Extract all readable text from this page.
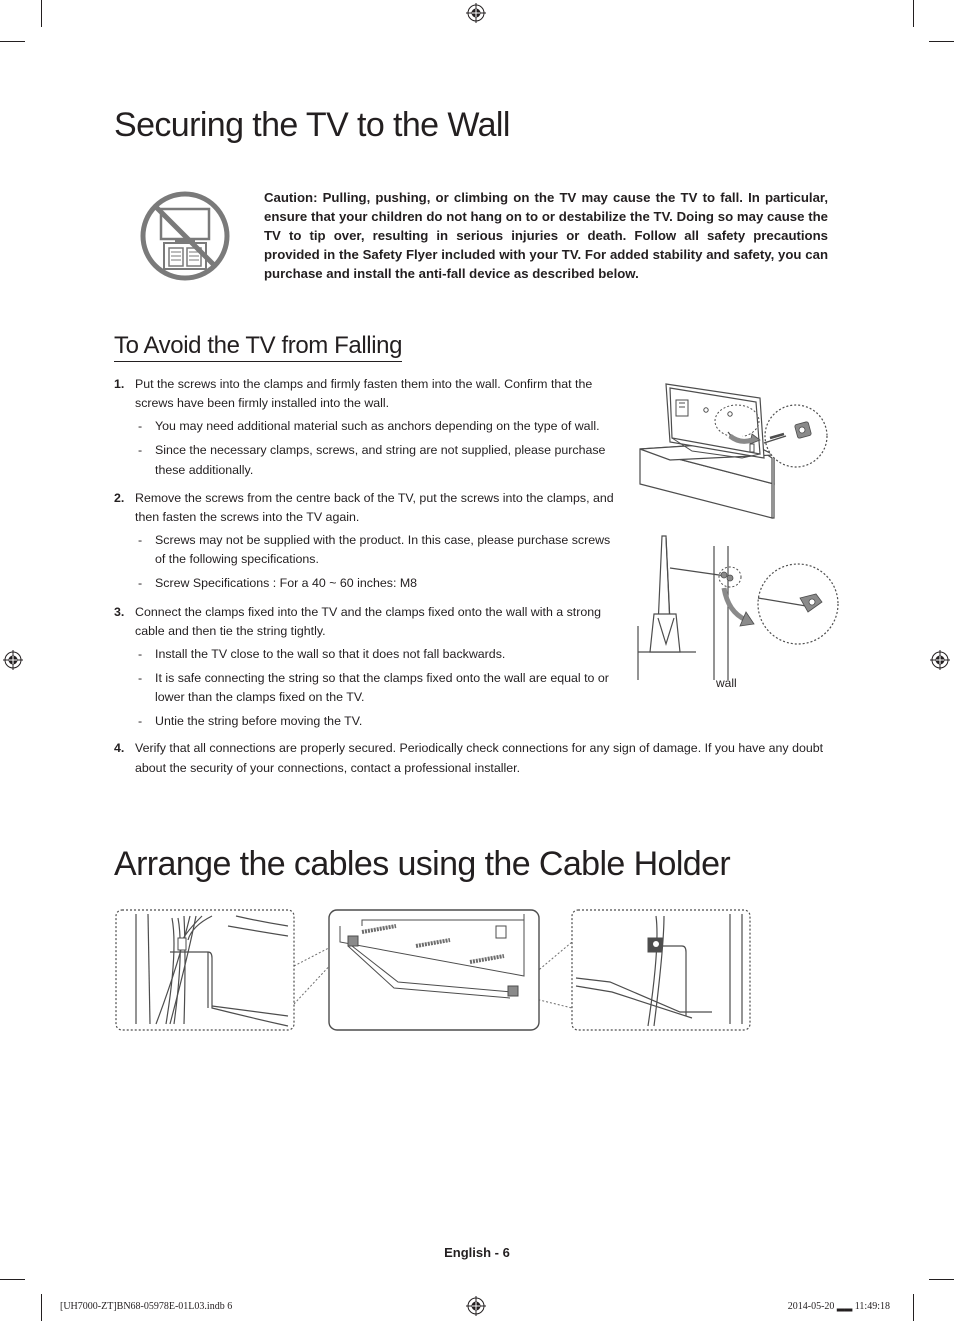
Securing the TV to the Wall

Caution: Pulling, pushing, or climbing on the TV may cause the TV to fall. In particular, ensure that your children do not hang on to or destabilize the TV. Doing so may cause the TV to tip over, resulting in serious injuries or death. Follow all safety precautions provided in the Safety Flyer included with your TV. For added stability and safety, you can purchase and install the anti-fall device as described below.

To Avoid the TV from Falling
1. Put the screws into the clamps and firmly fasten them into the wall. Confirm that the screws have been firmly installed into the wall.
- You may need additional material such as anchors depending on the type of wall.
- Since the necessary clamps, screws, and string are not supplied, please purchase these additionally.
2. Remove the screws from the centre back of the TV, put the screws into the clamps, and then fasten the screws into the TV again.
- Screws may not be supplied with the product. In this case, please purchase screws of the following specifications.
- Screw Specifications : For a 40 ~ 60 inches: M8
3. Connect the clamps fixed into the TV and the clamps fixed onto the wall with a strong cable and then tie the string tightly.
- Install the TV close to the wall so that it does not fall backwards.
- It is safe connecting the string so that the clamps fixed onto the wall are equal to or lower than the clamps fixed on the TV.
- Untie the string before moving the TV.
4. Verify that all connections are properly secured. Periodically check connections for any sign of damage. If you have any doubt about the security of your connections, contact a professional installer.
wall
Arrange the cables using the Cable Holder
English - 6
[UH7000-ZT]BN68-05978E-01L03.indb 6	2014-05-20 ▂▂ 11:49:18
